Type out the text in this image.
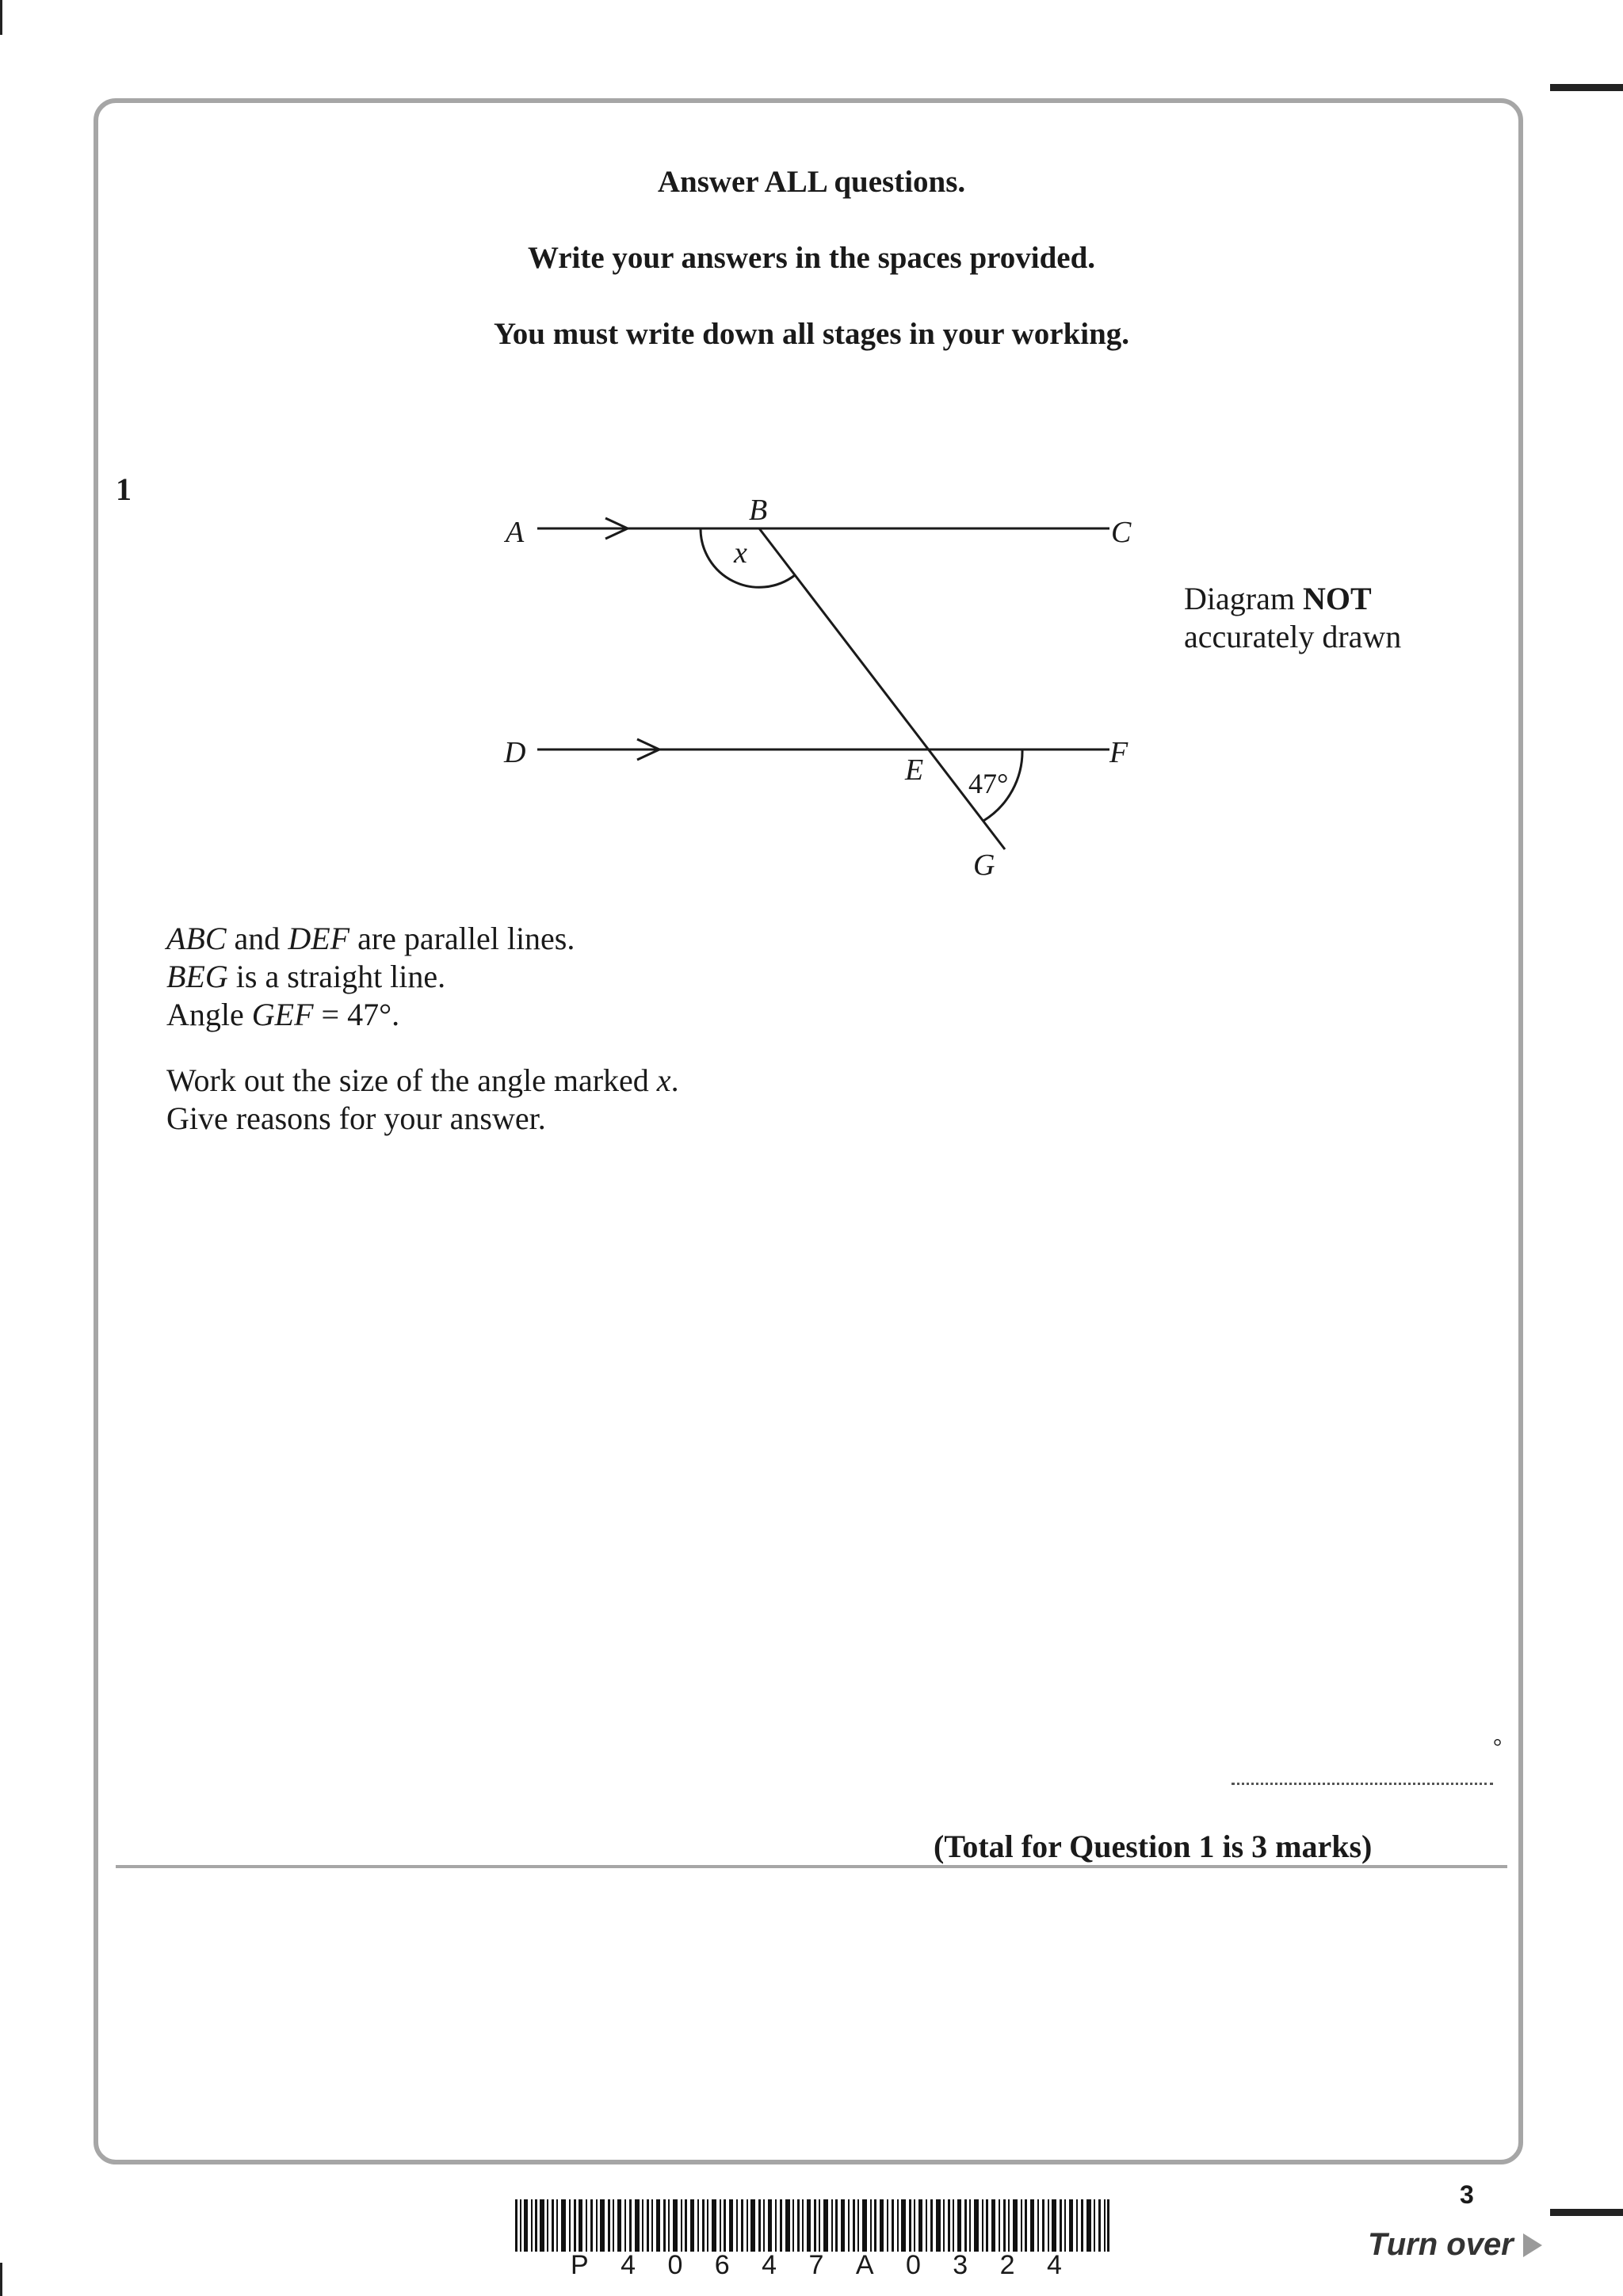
Answer ALL questions.
Write your answers in the spaces provided.
You must write down all stages in your working.
1
A
B
C
x
D
E
F
47°
G
Diagram NOT
accurately drawn
ABC and DEF are parallel lines.
BEG is a straight line.
Angle GEF = 47°.
Work out the size of the angle marked x.
Give reasons for your answer.
°
(Total for Question 1 is 3 marks)
P 4 0 6 4 7 A 0 3 2 4
3
Turn over
